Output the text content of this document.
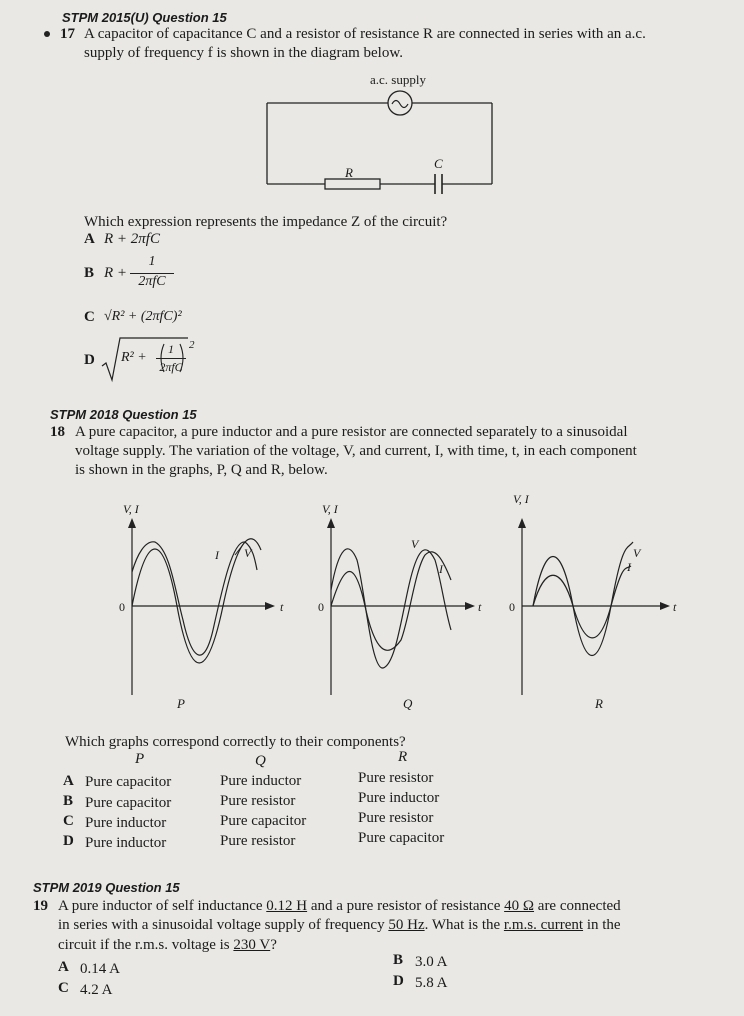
STPM 2015(U) Question 15
17 A capacitor of capacitance C and a resistor of resistance R are connected in series with an a.c.
supply of frequency f is shown in the diagram below.
a.c. supply
R
C
Which expression represents the impedance Z of the circuit?
A R + 2πfC
B R +
1
2πfC
C √R² + (2πfC)²
D R² +
1
2πfC
2
STPM 2018 Question 15
18 A pure capacitor, a pure inductor and a pure resistor are connected separately to a sinusoidal
voltage supply. The variation of the voltage, V, and current, I, with time, t, in each component
is shown in the graphs, P, Q and R, below.
V, I
t
0
I V
P
V, I
t
0
I
V
Q
V, I
t
0
I
V
R
Which graphs correspond correctly to their components?
P	Q	R
A Pure capacitor	Pure inductor	Pure resistor
B Pure capacitor	Pure resistor	Pure inductor
C Pure inductor	Pure capacitor	Pure resistor
D Pure inductor	Pure resistor	Pure capacitor
STPM 2019 Question 15
19 A pure inductor of self inductance 0.12 H and a pure resistor of resistance 40 Ω are connected
in series with a sinusoidal voltage supply of frequency 50 Hz. What is the r.m.s. current in the
circuit if the r.m.s. voltage is 230 V?
A 0.14 A
B 3.0 A
C 4.2 A
D 5.8 A
